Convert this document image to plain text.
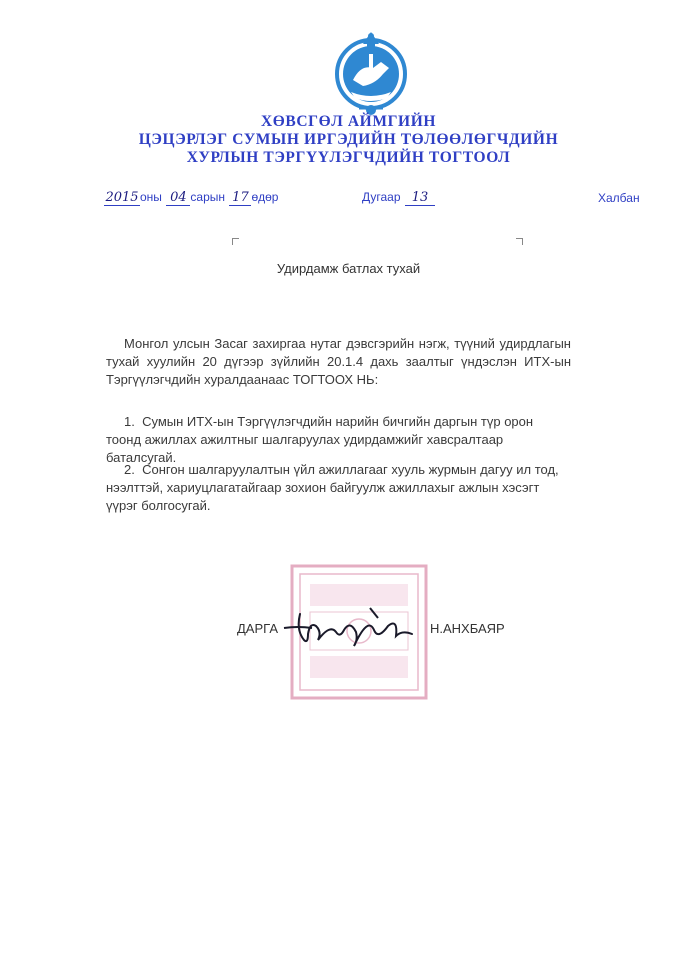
ХӨВСГӨЛ АЙМГИЙН
ЦЭЦЭРЛЭГ СУМЫН ИРГЭДИЙН ТӨЛӨӨЛӨГЧДИЙН
ХУРЛЫН ТЭРГҮҮЛЭГЧДИЙН ТОГТООЛ
2015оны 04 сарын 17 өдөр	Дугаар 13	Халбан
Удирдамж батлах тухай
Монгол улсын Засаг захиргаа нутаг дэвсгэрийн нэгж, түүний удирдлагын тухай хуулийн 20 дүгээр зүйлийн 20.1.4 дахь заалтыг үндэслэн ИТХ-ын Тэргүүлэгчдийн хуралдаанаас ТОГТООХ НЬ:
1. Сумын ИТХ-ын Тэргүүлэгчдийн нарийн бичгийн даргын түр орон тоонд ажиллах ажилтныг шалгаруулах удирдамжийг хавсралтаар баталсугай.
2. Сонгон шалгаруулалтын үйл ажиллагааг хууль журмын дагуу ил тод, нээлттэй, хариуцлагатайгаар зохион байгуулж ажиллахыг ажлын хэсэгт үүрэг болгосугай.
ДАРГА	Н.АНХБАЯР
